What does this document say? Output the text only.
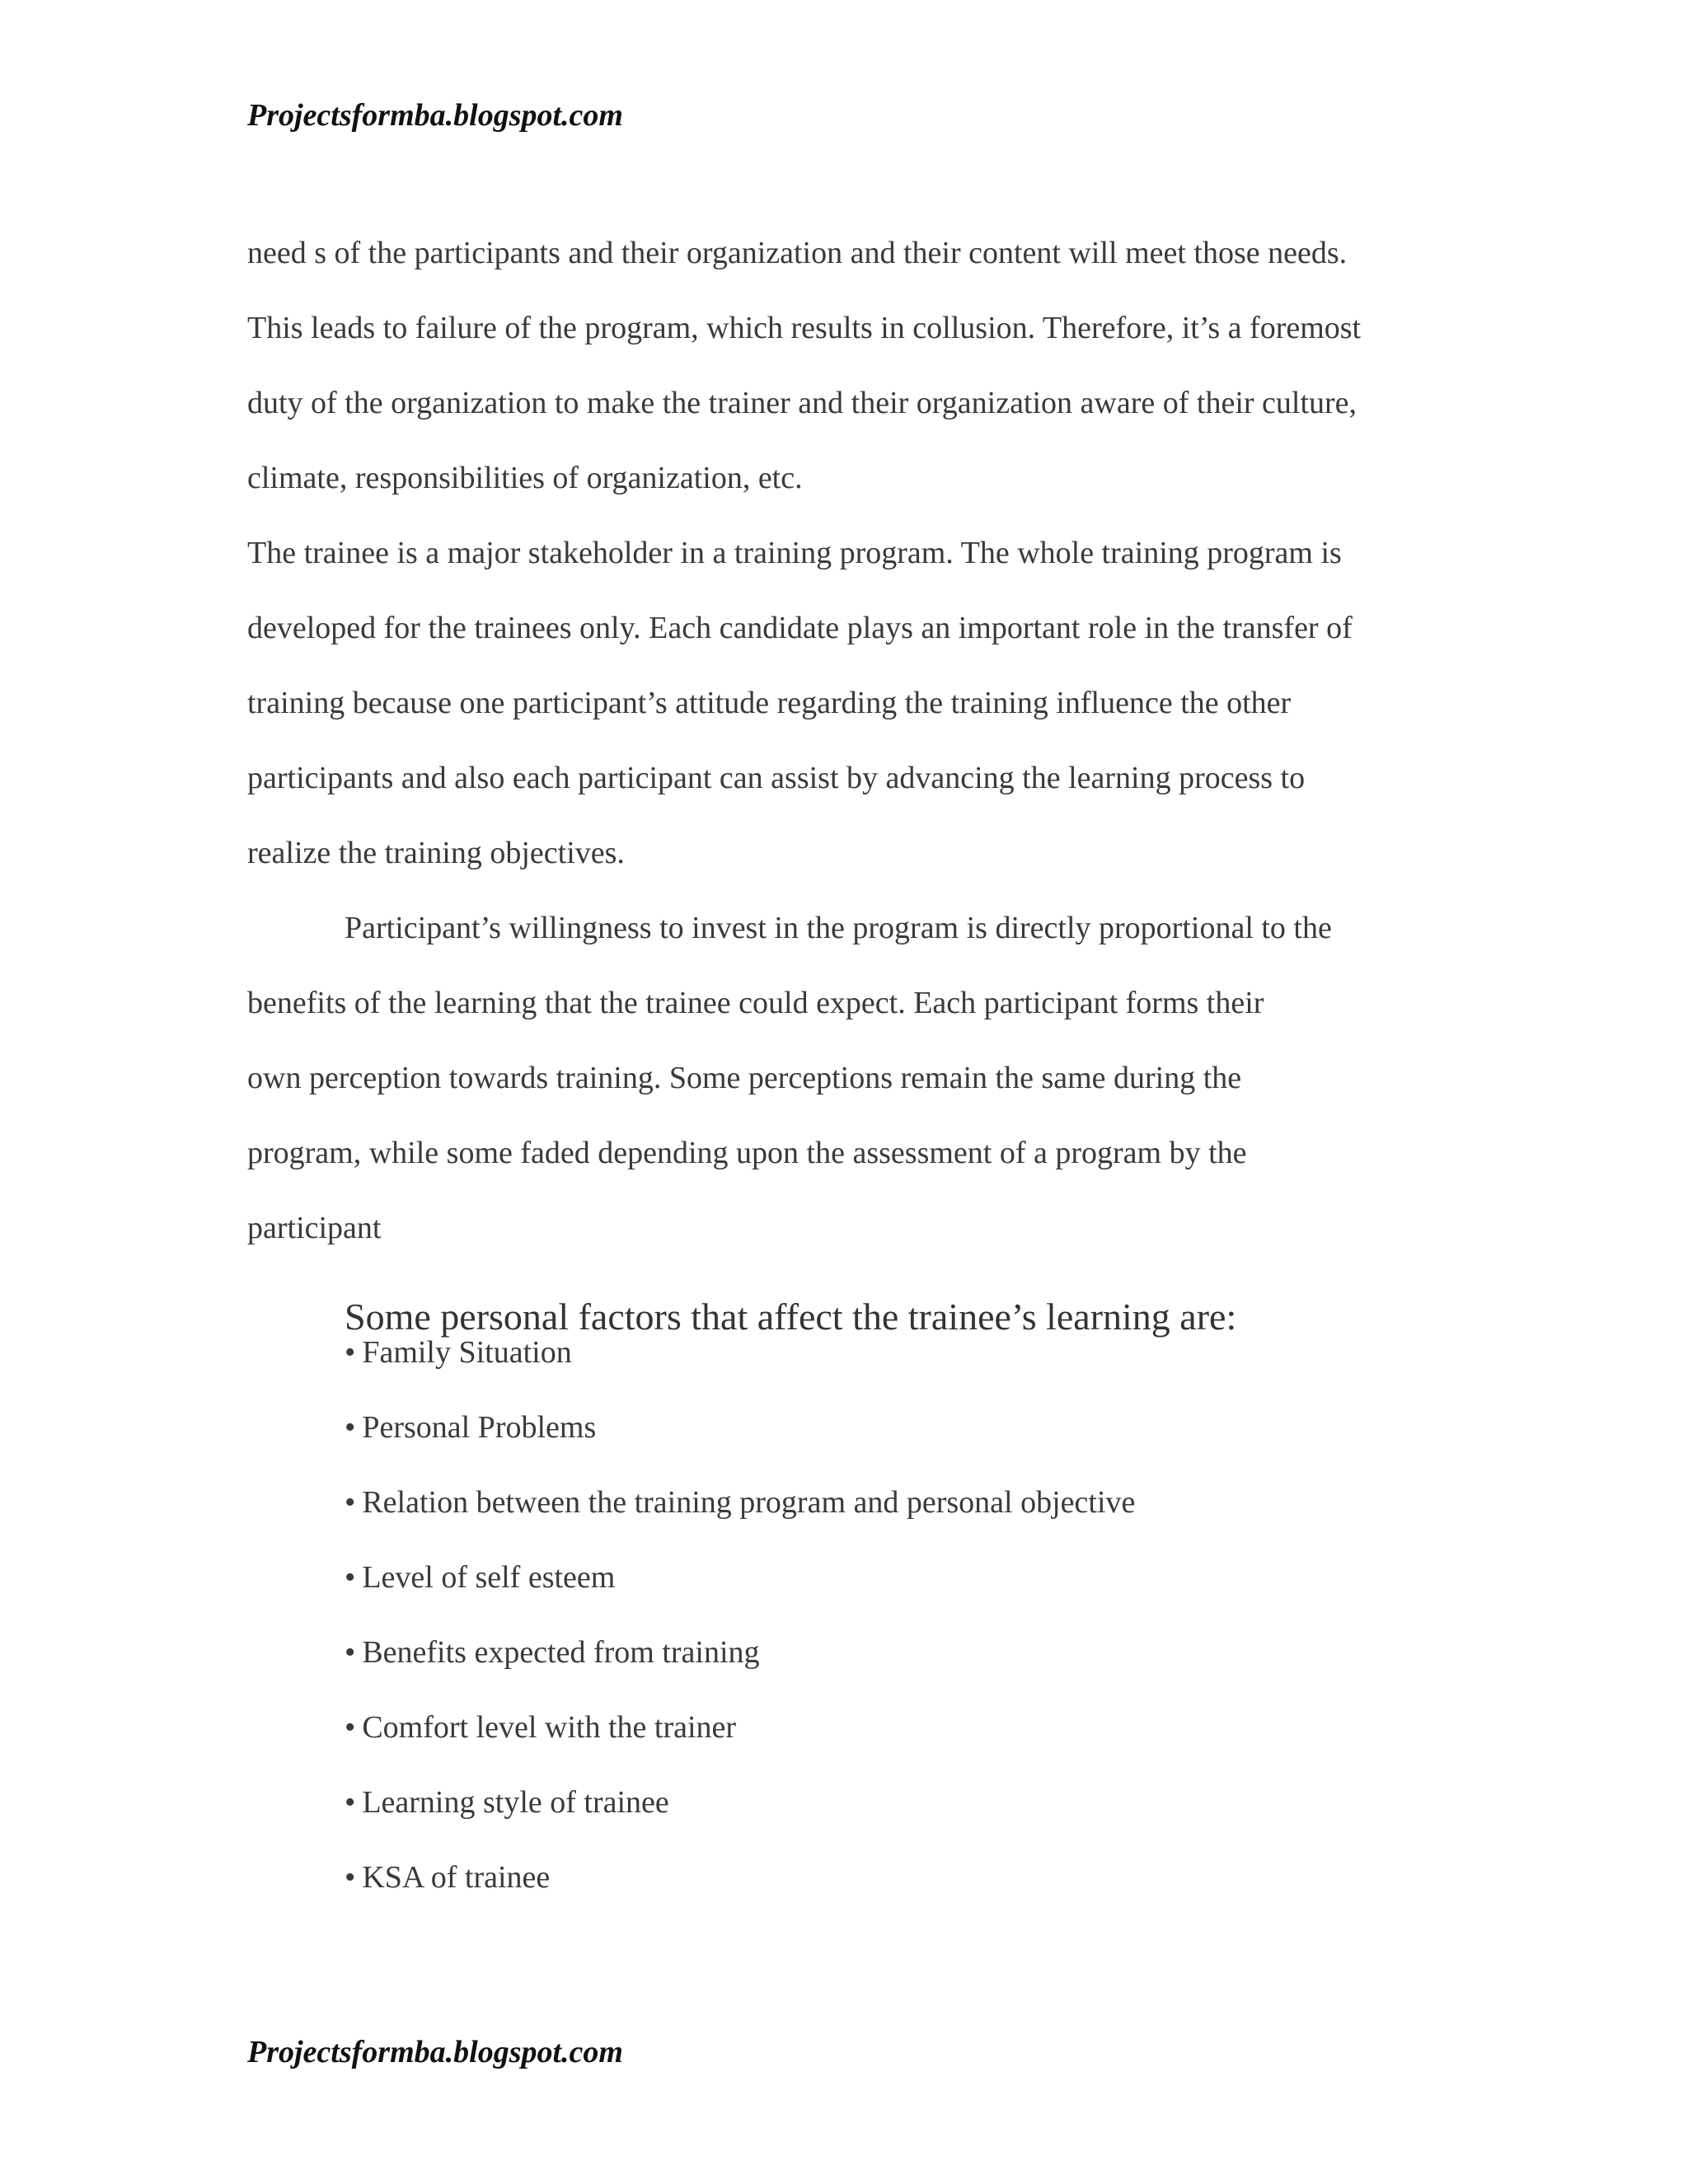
Projectsformba.blogspot.com
need s of the participants and their organization and their content will meet those needs.
This leads to failure of the program, which results in collusion. Therefore, it’s a foremost
duty of the organization to make the trainer and their organization aware of their culture,
climate, responsibilities of organization, etc.
The trainee is a major stakeholder in a training program. The whole training program is
developed for the trainees only. Each candidate plays an important role in the transfer of
training because one participant’s attitude regarding the training influence the other
participants and also each participant can assist by advancing the learning process to
realize the training objectives.
Participant’s willingness to invest in the program is directly proportional to the
benefits of the learning that the trainee could expect. Each participant forms their
own perception towards training. Some perceptions remain the same during the
program, while some faded depending upon the assessment of a program by the
participant
Some personal factors that affect the trainee’s learning are:
• Family Situation
• Personal Problems
• Relation between the training program and personal objective
• Level of self esteem
• Benefits expected from training
• Comfort level with the trainer
• Learning style of trainee
• KSA of trainee
Projectsformba.blogspot.com
